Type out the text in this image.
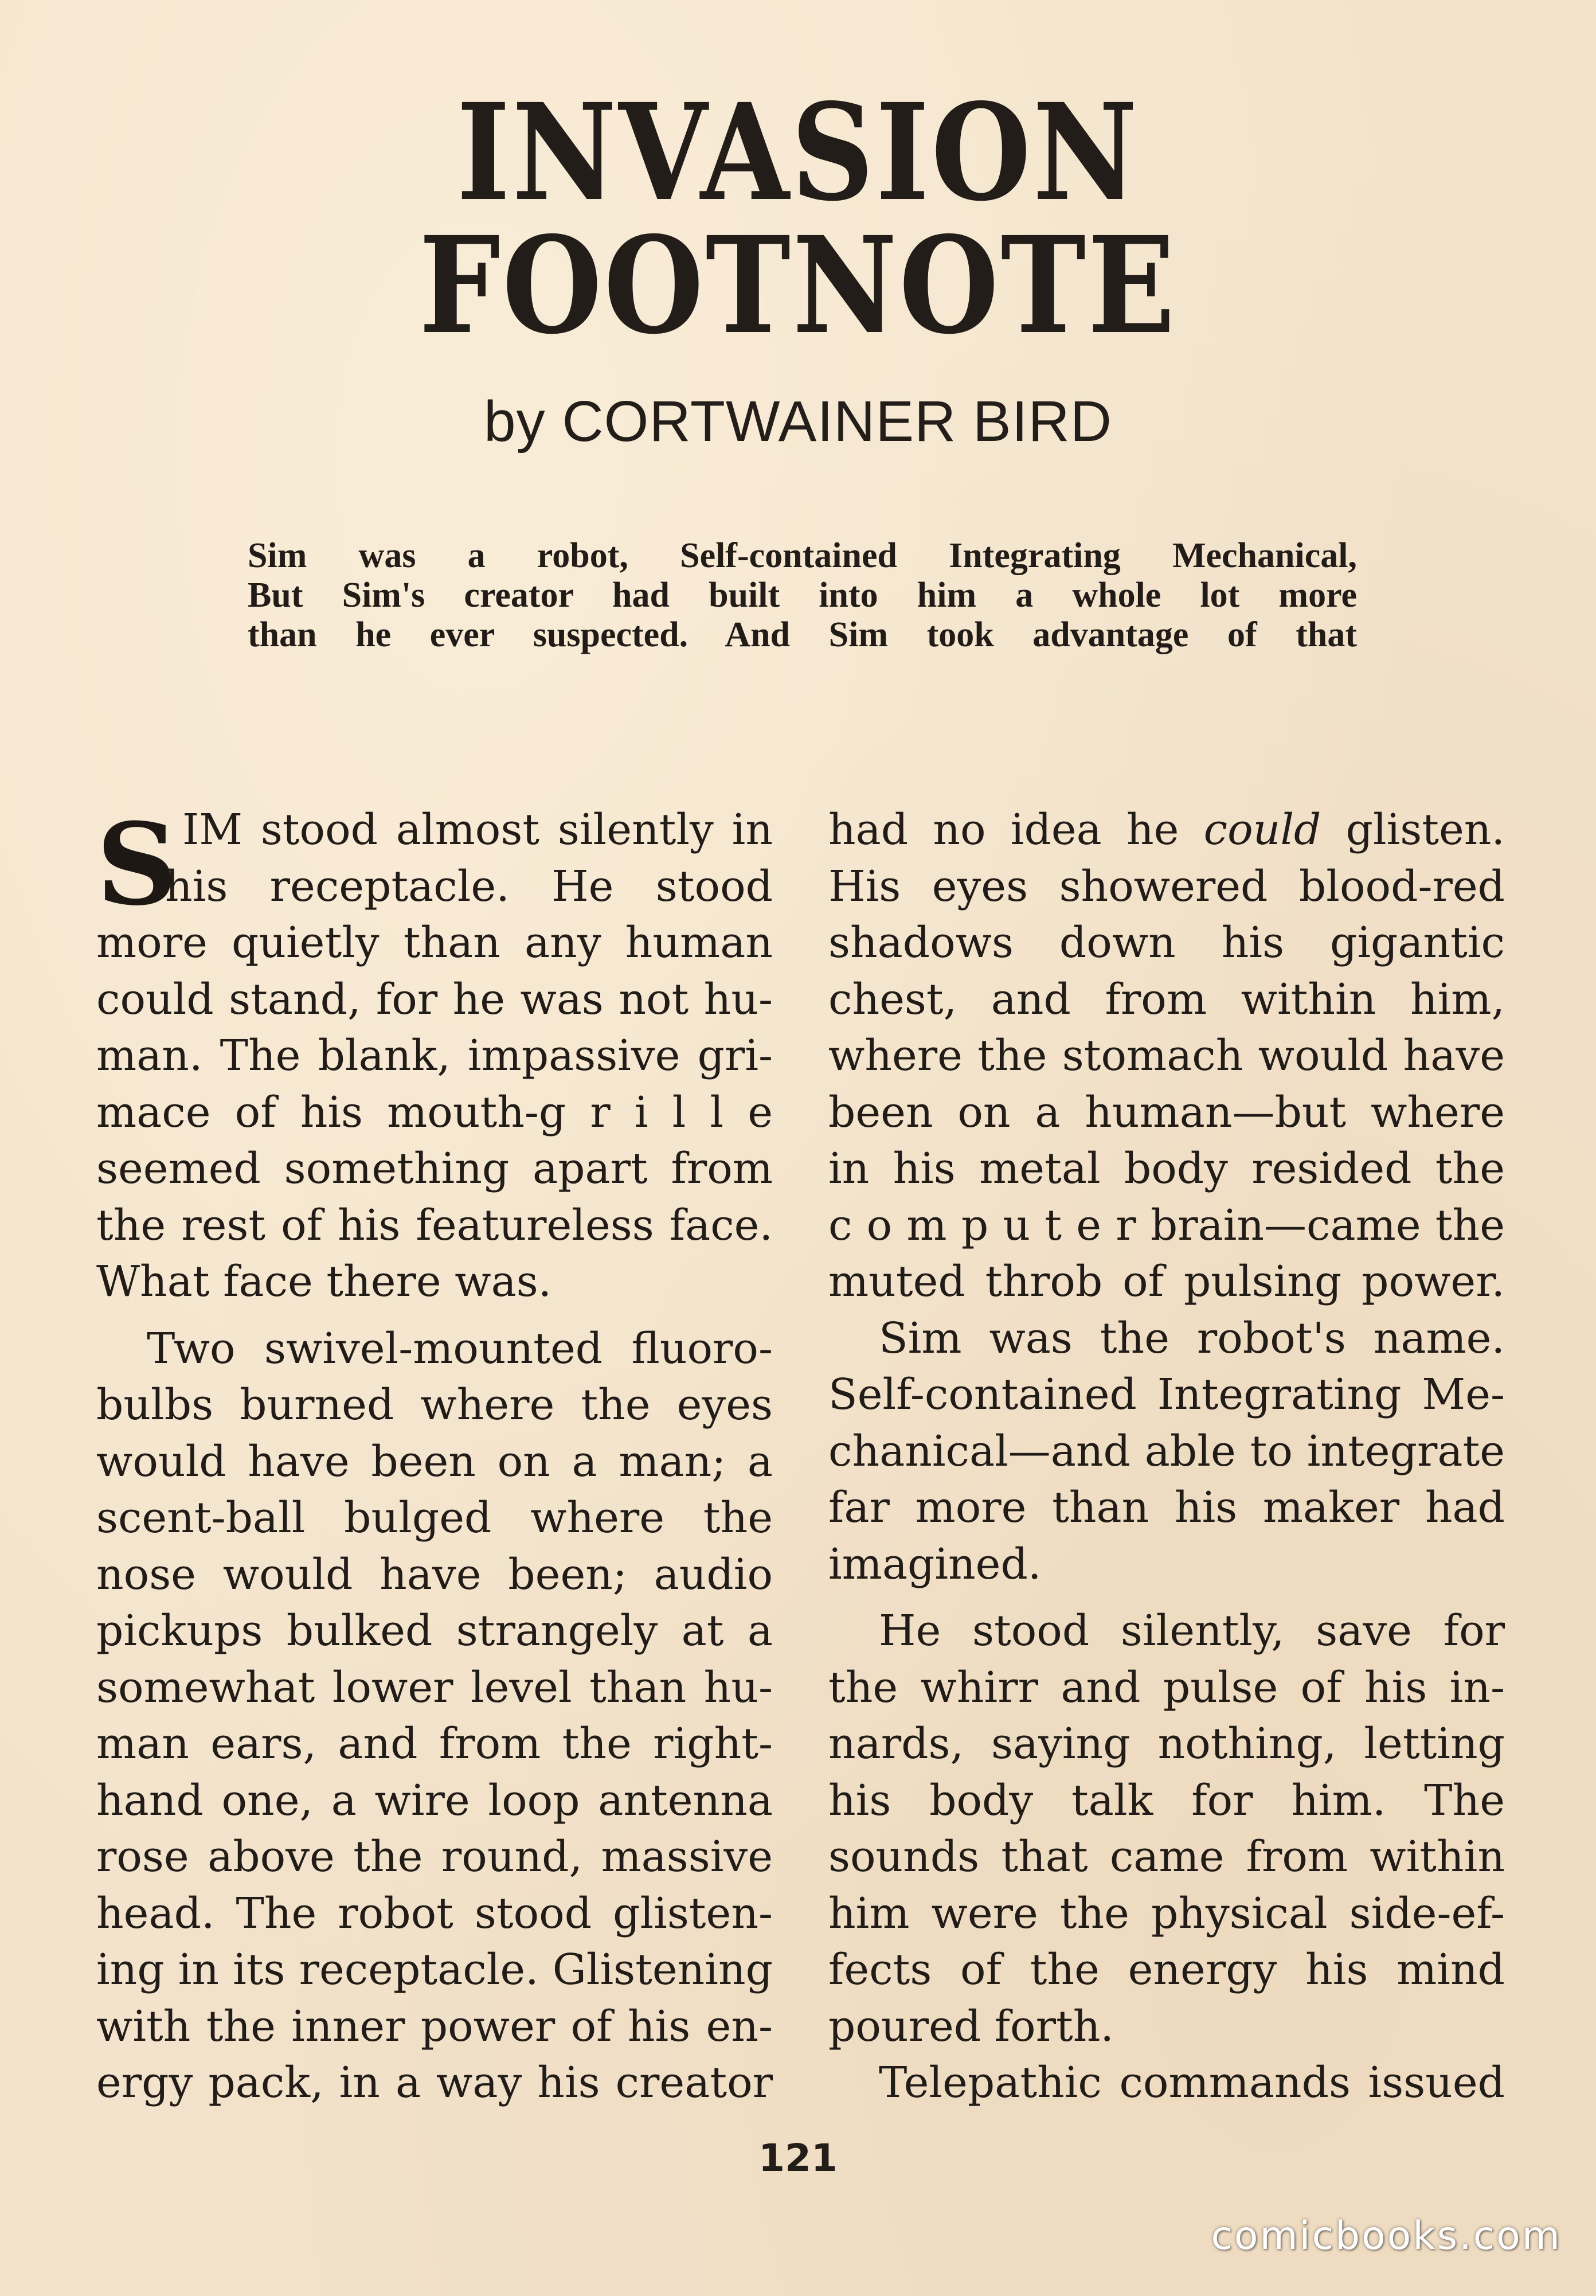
INVASION FOOTNOTE
by CORTWAINER BIRD
Sim was a robot, Self-contained Integrating Mechanical,
But Sim's creator had built into him a whole lot more
than he ever suspected. And Sim took advantage of that
S IM stood almost silently in
his receptacle. He stood
more quietly than any human
could stand, for he was not hu-
man. The blank, impassive gri-
mace of his mouth-g r i l l e
seemed something apart from
the rest of his featureless face.
What face there was.
Two swivel-mounted fluoro-
bulbs burned where the eyes
would have been on a man; a
scent-ball bulged where the
nose would have been; audio
pickups bulked strangely at a
somewhat lower level than hu-
man ears, and from the right-
hand one, a wire loop antenna
rose above the round, massive
head. The robot stood glisten-
ing in its receptacle. Glistening
with the inner power of his en-
ergy pack, in a way his creator
had no idea he could glisten.
His eyes showered blood-red
shadows down his gigantic
chest, and from within him,
where the stomach would have
been on a human—but where
in his metal body resided the
c o m p u t e r brain—came the
muted throb of pulsing power.
Sim was the robot's name.
Self-contained Integrating Me-
chanical—and able to integrate
far more than his maker had
imagined.
He stood silently, save for
the whirr and pulse of his in-
nards, saying nothing, letting
his body talk for him. The
sounds that came from within
him were the physical side-ef-
fects of the energy his mind
poured forth.
Telepathic commands issued
121
comicbooks.com
